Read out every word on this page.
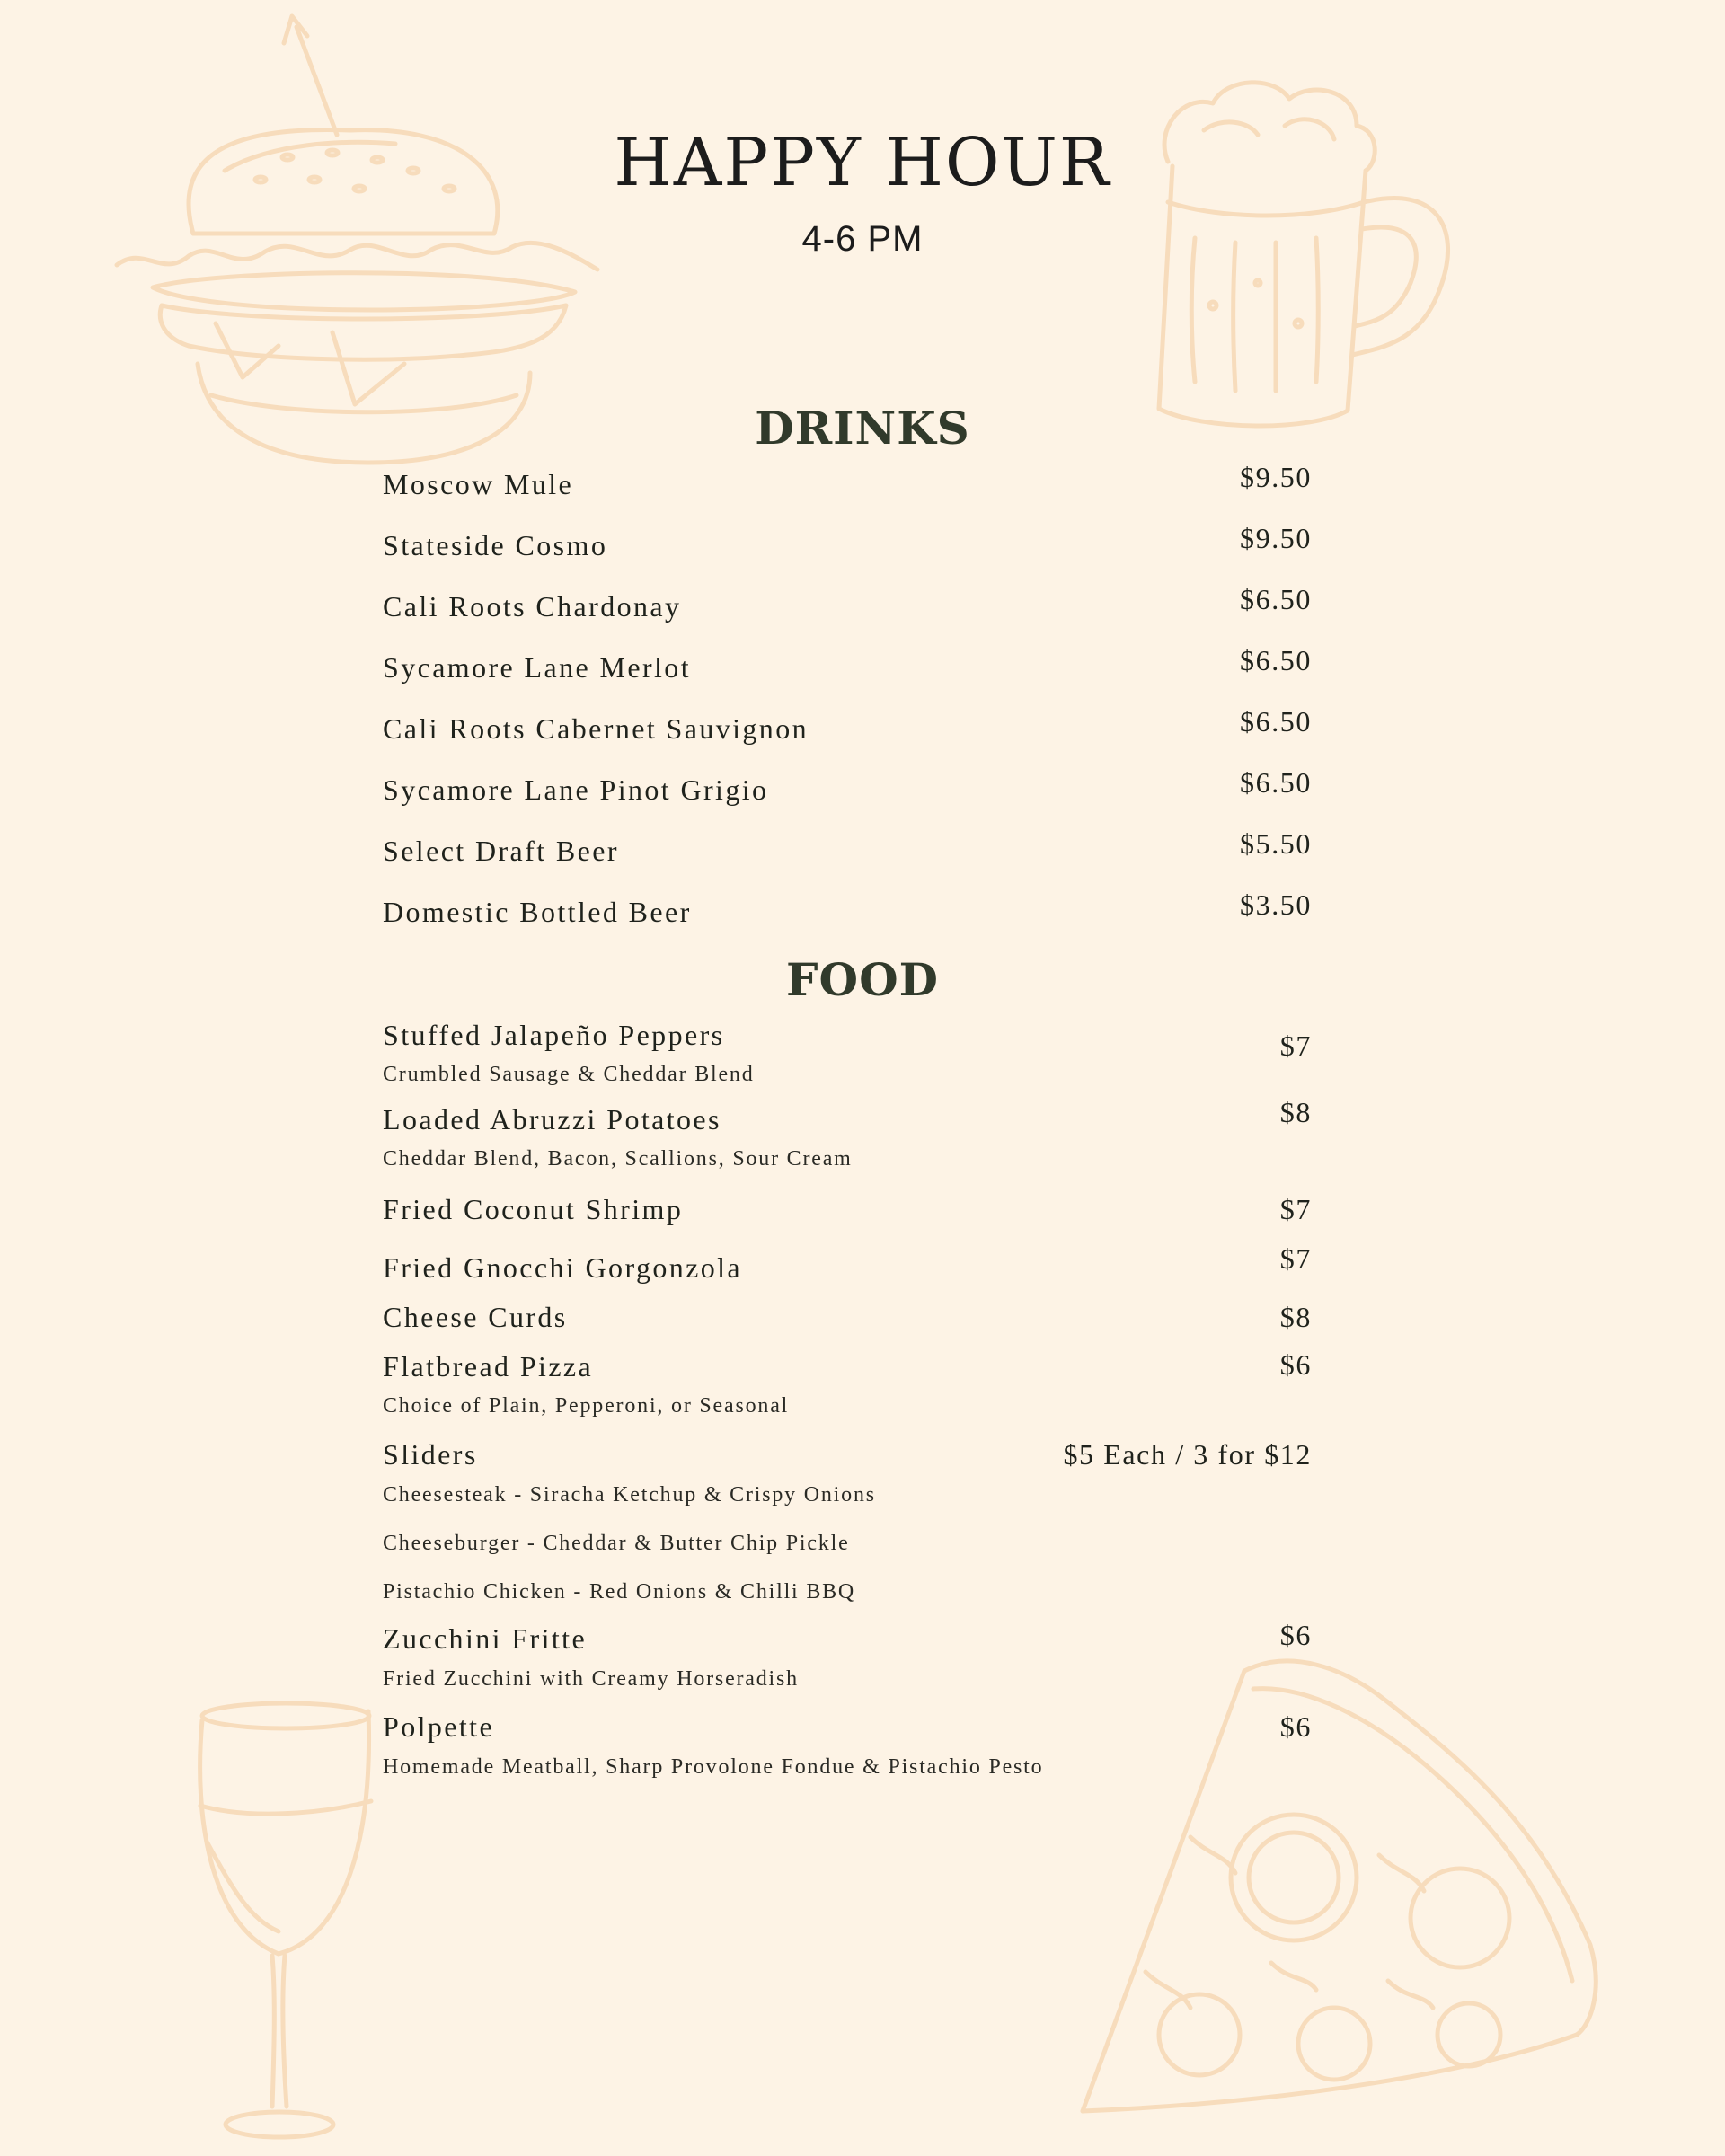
HAPPY HOUR
4-6 PM
DRINKS
Moscow Mule	$9.50
Stateside Cosmo	$9.50
Cali Roots Chardonay	$6.50
Sycamore Lane Merlot	$6.50
Cali Roots Cabernet Sauvignon	$6.50
Sycamore Lane Pinot Grigio	$6.50
Select Draft Beer	$5.50
Domestic Bottled Beer	$3.50
FOOD
Stuffed Jalapeño Peppers	$7
Crumbled Sausage & Cheddar Blend
Loaded Abruzzi Potatoes	$8
Cheddar Blend, Bacon, Scallions, Sour Cream
Fried Coconut Shrimp	$7
Fried Gnocchi Gorgonzola	$7
Cheese Curds	$8
Flatbread Pizza	$6
Choice of Plain, Pepperoni, or Seasonal
Sliders	$5 Each / 3 for $12
Cheesesteak - Siracha Ketchup & Crispy Onions
Cheeseburger - Cheddar & Butter Chip Pickle
Pistachio Chicken - Red Onions & Chilli BBQ
Zucchini Fritte	$6
Fried Zucchini with Creamy Horseradish
Polpette	$6
Homemade Meatball, Sharp Provolone Fondue & Pistachio Pesto
